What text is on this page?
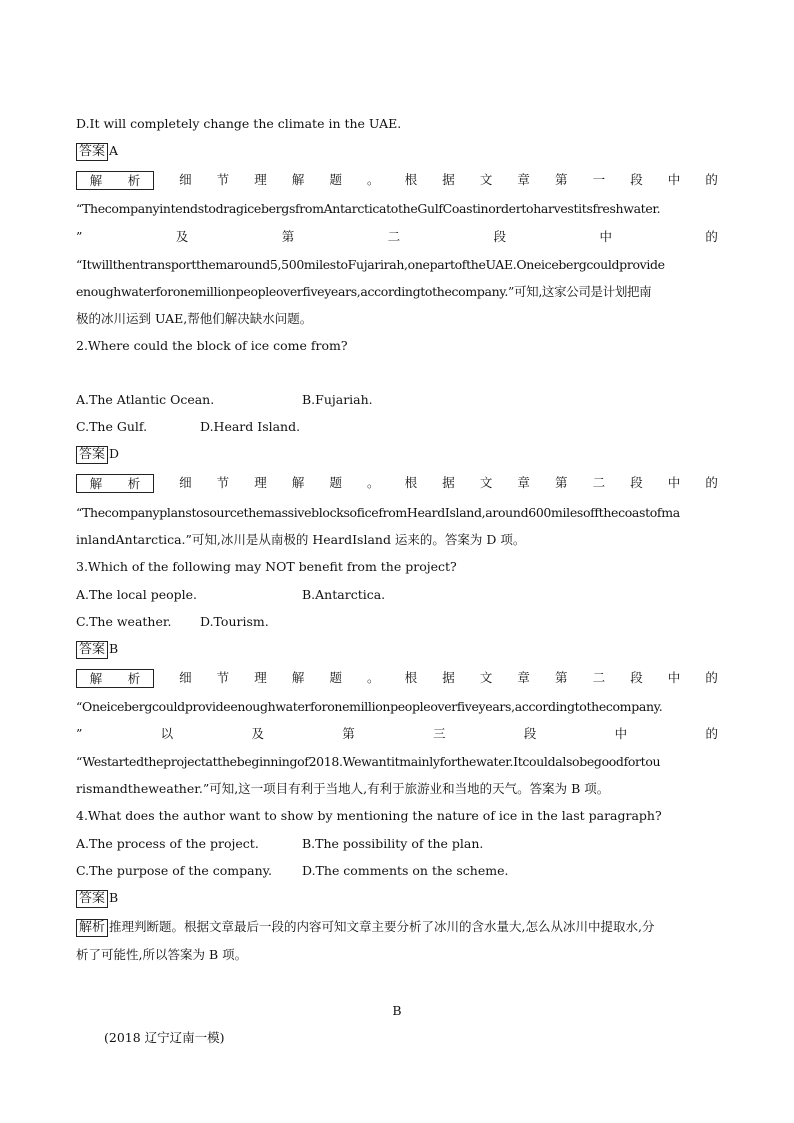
D.It will completely change the climate in the UAE.
答案 A
解 析	细 节 理 解 题 。 根 据 文 章 第 一 段 中 的
“ThecompanyintendstodragicebergsfromAntarcticatotheGulfCoastinordertoharvestitsfreshwater.
”	及	第	二	段	中	的
“Itwillthentransportthemaround5,500milestoFujarirah,onepartoftheUAE.Oneicebergcouldprovide
enoughwaterforonemillionpeopleoverfiveyears,accordingtothecompany.”可知,这家公司是计划把南
极的冰川运到 UAE,帮他们解决缺水问题。
2.Where could the block of ice come from?
A.The Atlantic Ocean.	B.Fujariah.
C.The Gulf.	D.Heard Island.
答案 D
解 析	细 节 理 解 题 。 根 据 文 章 第 二 段 中 的
“ThecompanyplanstosourcethemassiveblocksoficefromHeardIsland,around600milesoffthecoastofma
inlandAntarctica.”可知,冰川是从南极的 HeardIsland 运来的。答案为 D 项。
3.Which of the following may NOT benefit from the project?
A.The local people.	B.Antarctica.
C.The weather. D.Tourism.
答案 B
解 析	细 节 理 解 题 。 根 据 文 章 第 二 段 中 的
“Oneicebergcouldprovideenoughwaterforonemillionpeopleoverfiveyears,accordingtothecompany.
”	以	及	第	三	段	中	的
“Westartedtheprojectatthebeginningof2018.Wewantitmainlyforthewater.Itcouldalsobegoodfortou
rismandtheweather.”可知,这一项目有利于当地人,有利于旅游业和当地的天气。答案为 B 项。
4.What does the author want to show by mentioning the nature of ice in the last paragraph?
A.The process of the project.	B.The possibility of the plan.
C.The purpose of the company. D.The comments on the scheme.
答案 B
解析 推理判断题。根据文章最后一段的内容可知文章主要分析了冰川的含水量大,怎么从冰川中提取水,分
析了可能性,所以答案为 B 项。
B
(2018 辽宁辽南一模)
